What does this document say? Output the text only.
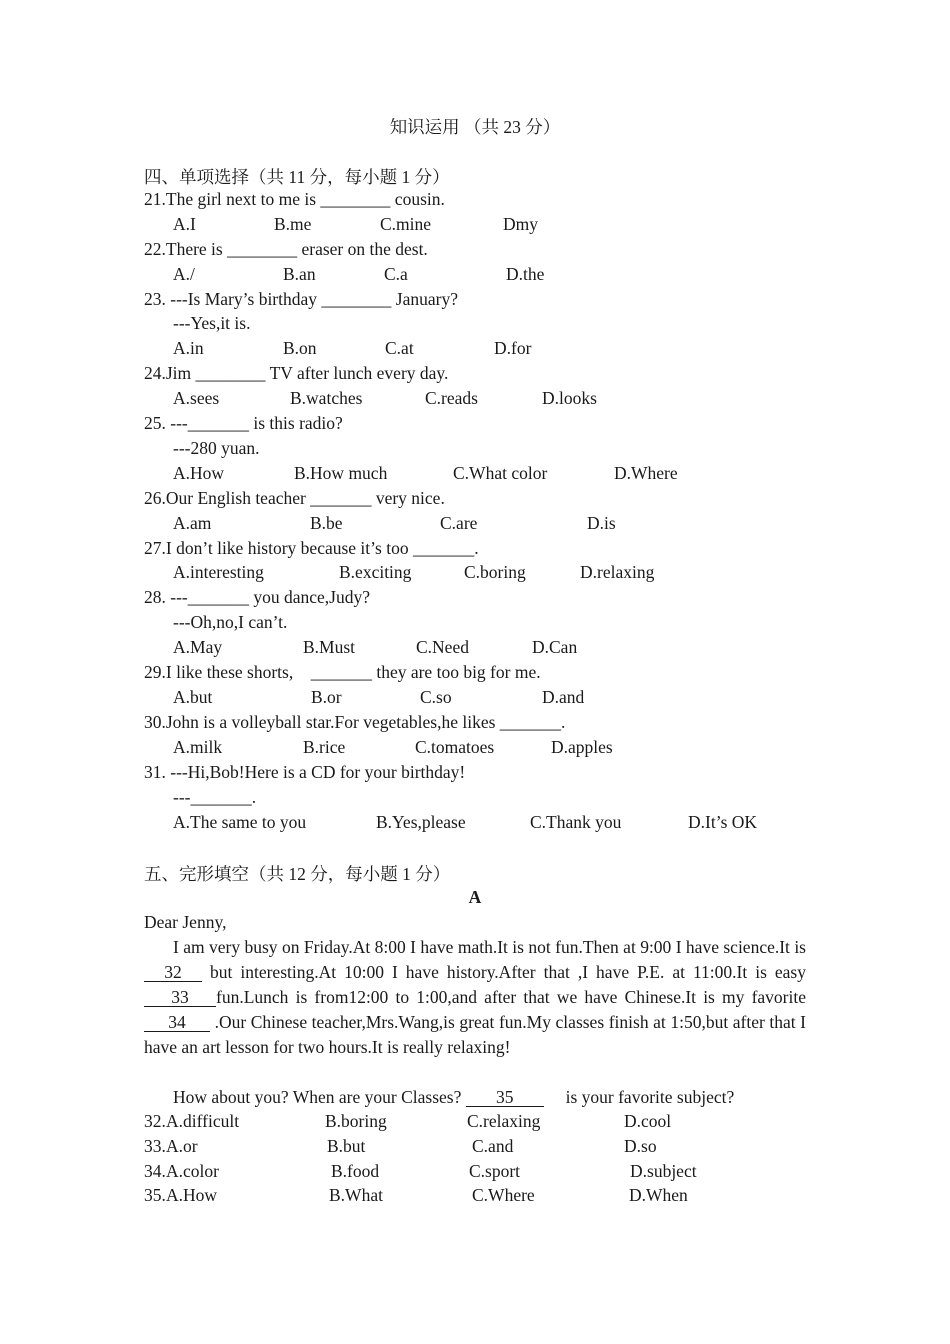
知识运用 （共 23 分）
四、单项选择（共 11 分，每小题 1 分）
21.The girl next to me is ________ cousin.
A.I	B.me	C.mine	Dmy
22.There is ________ eraser on the dest.
A./	B.an	C.a	D.the
23. ---Is Mary’s birthday ________ January?
---Yes,it is.
A.in	B.on	C.at	D.for
24.Jim ________ TV after lunch every day.
A.sees	B.watches	C.reads	D.looks
25. ---_______ is this radio?
---280 yuan.
A.How	B.How much	C.What color	D.Where
26.Our English teacher _______ very nice.
A.am	B.be	C.are	D.is
27.I don’t like history because it’s too _______.
A.interesting	B.exciting	C.boring	D.relaxing
28. ---_______ you dance,Judy?
---Oh,no,I can’t.
A.May	B.Must	C.Need	D.Can
29.I like these shorts,    _______ they are too big for me.
A.but	B.or	C.so	D.and
30.John is a volleyball star.For vegetables,he likes _______.
A.milk	B.rice	C.tomatoes	D.apples
31. ---Hi,Bob!Here is a CD for your birthday!
---_______.
A.The same to you	B.Yes,please	C.Thank you	D.It’s OK
五、完形填空（共 12 分，每小题 1 分）
A
Dear Jenny,
I am very busy on Friday.At 8:00 I have math.It is not fun.Then at 9:00 I have science.It is 32 but interesting.At 10:00 I have history.After that ,I have P.E. at 11:00.It is easy 33 fun.Lunch is from12:00 to 1:00,and after that we have Chinese.It is my favorite 34 .Our Chinese teacher,Mrs.Wang,is great fun.My classes finish at 1:50,but after that I have an art lesson for two hours.It is really relaxing!
How about you? When are your Classes? 35	is your favorite subject?
32. A.difficult	B.boring	C.relaxing	D.cool
33. A.or	B.but	C.and	D.so
34. A.color	B.food	C.sport	D.subject
35. A.How	B.What	C.Where	D.When
